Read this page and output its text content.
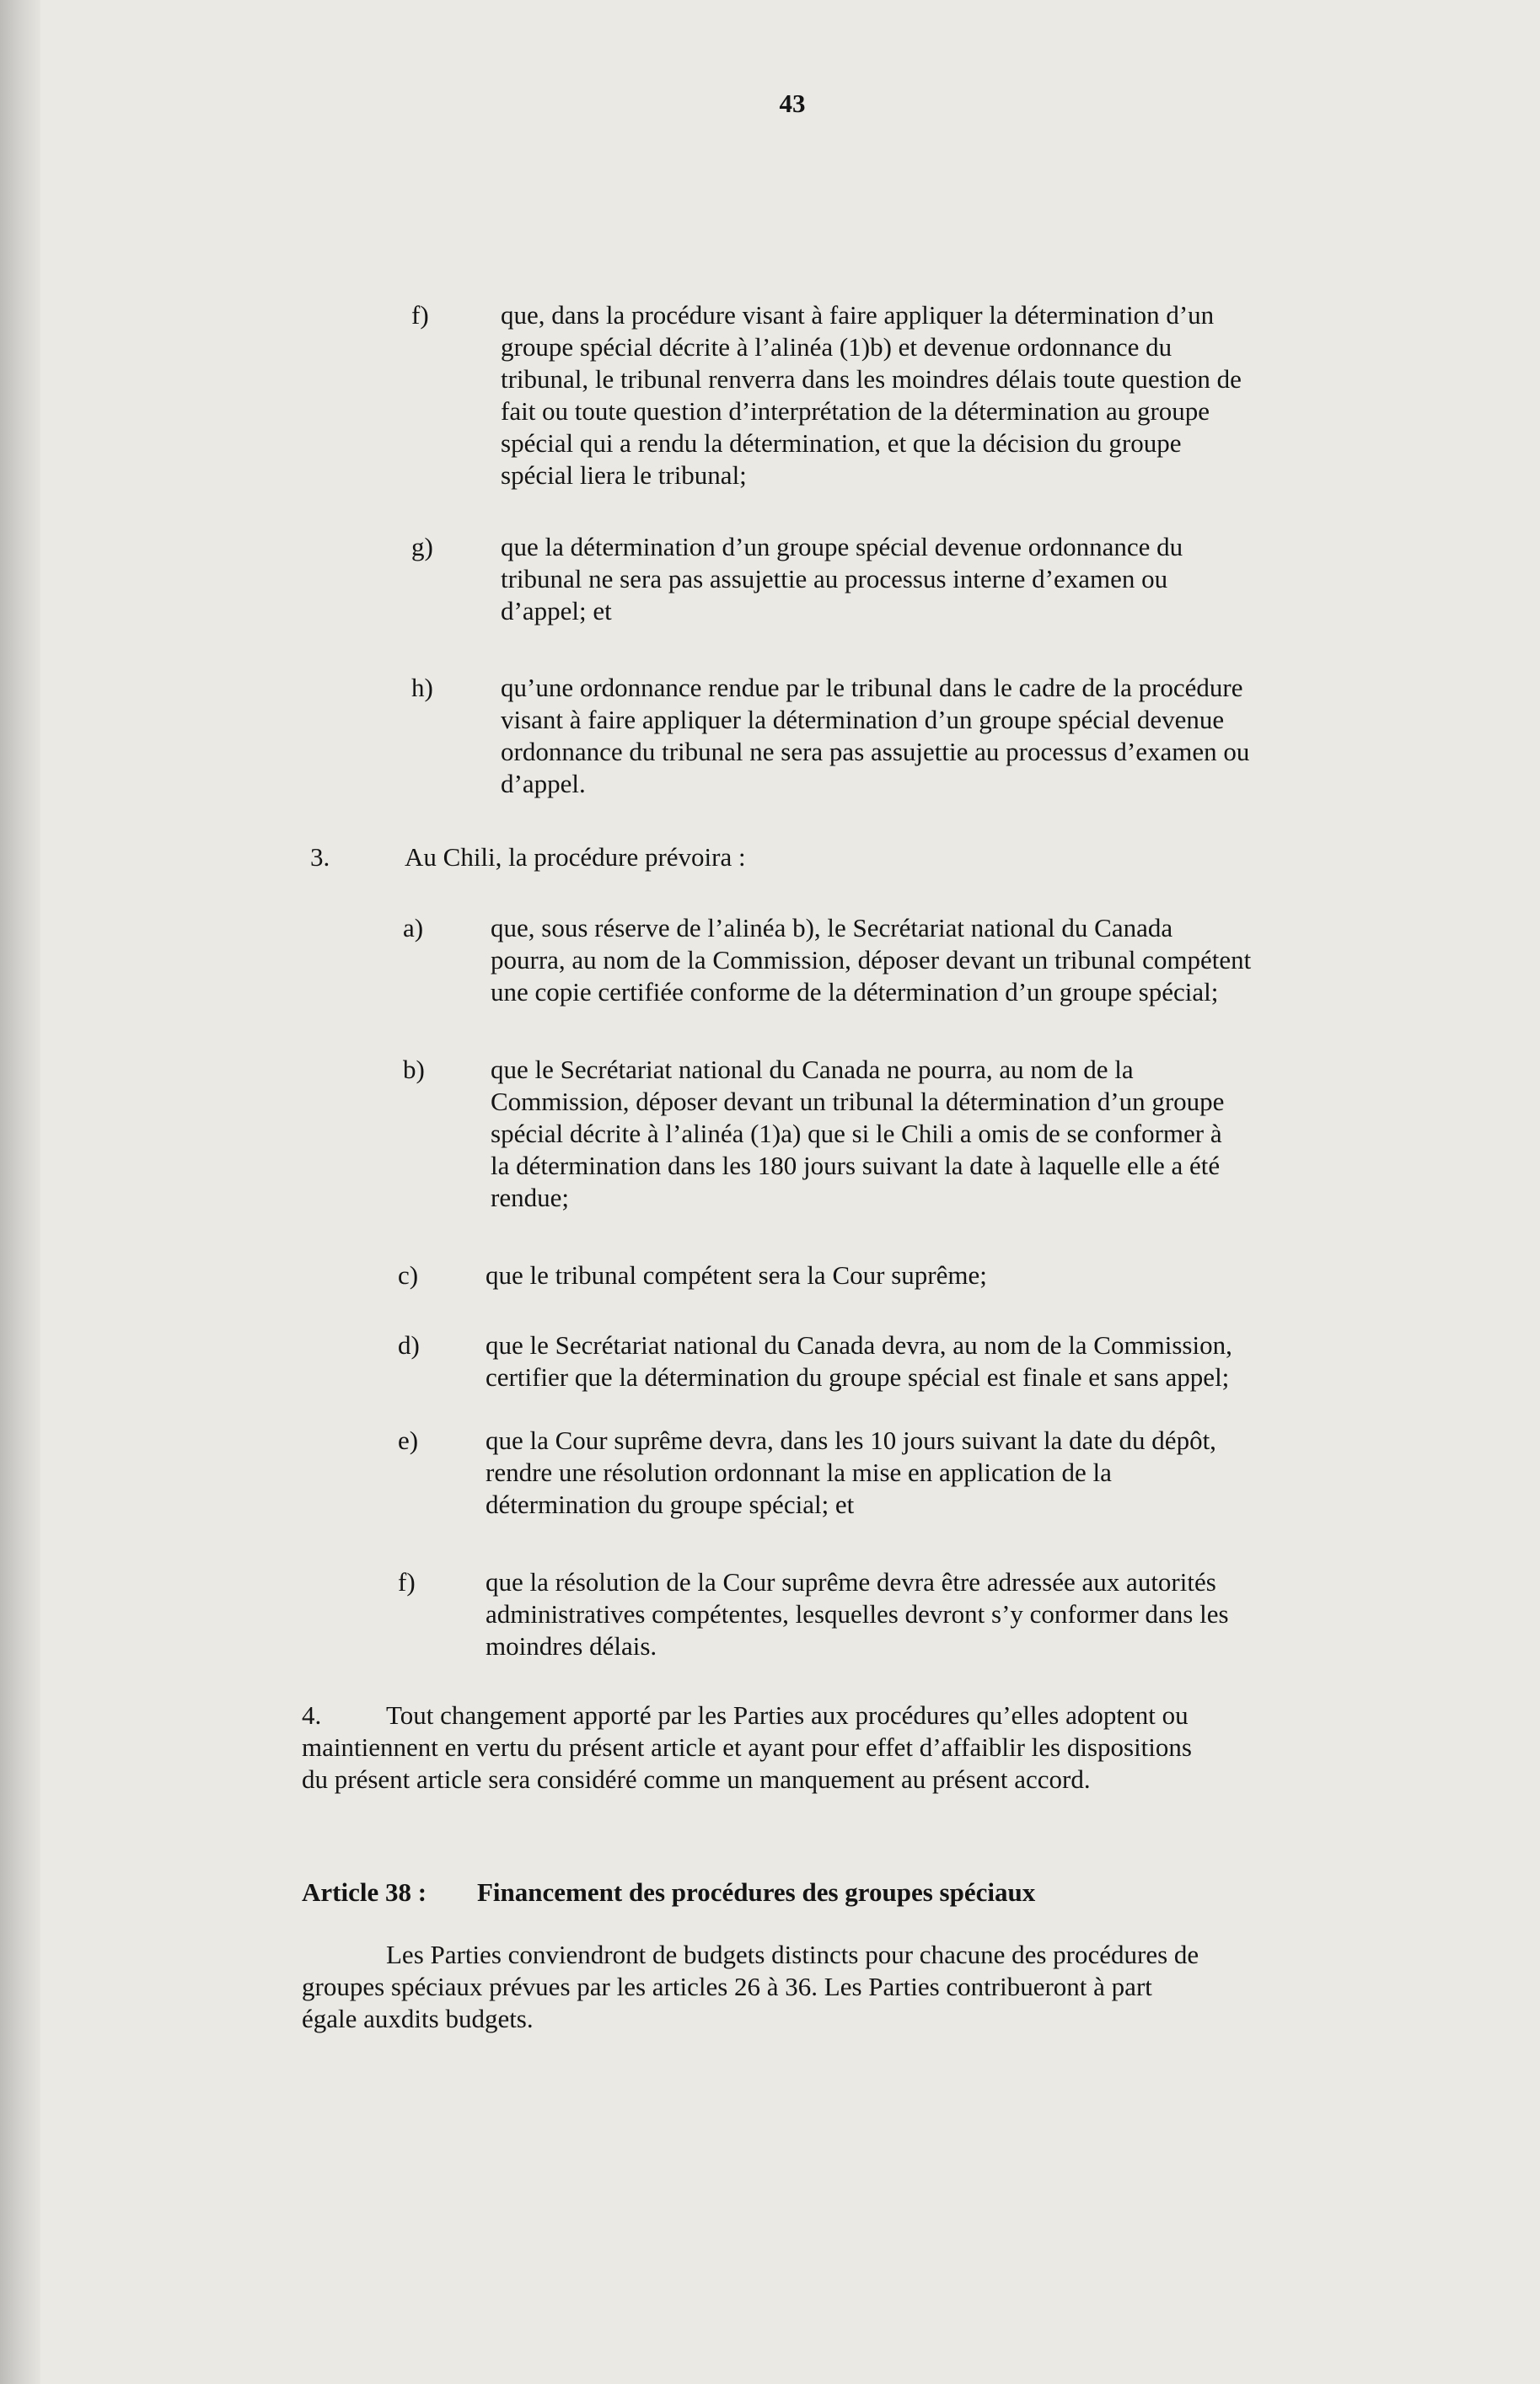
43
f)	que, dans la procédure visant à faire appliquer la détermination d’un
groupe spécial décrite à l’alinéa (1)b) et devenue ordonnance du
tribunal, le tribunal renverra dans les moindres délais toute question de
fait ou toute question d’interprétation de la détermination au groupe
spécial qui a rendu la détermination, et que la décision du groupe
spécial liera le tribunal;
g)	que la détermination d’un groupe spécial devenue ordonnance du
tribunal ne sera pas assujettie au processus interne d’examen ou
d’appel; et
h)	qu’une ordonnance rendue par le tribunal dans le cadre de la procédure
visant à faire appliquer la détermination d’un groupe spécial devenue
ordonnance du tribunal ne sera pas assujettie au processus d’examen ou
d’appel.
3.	Au Chili, la procédure prévoira :
a)	que, sous réserve de l’alinéa b), le Secrétariat national du Canada
pourra, au nom de la Commission, déposer devant un tribunal compétent
une copie certifiée conforme de la détermination d’un groupe spécial;
b)	que le Secrétariat national du Canada ne pourra, au nom de la
Commission, déposer devant un tribunal la détermination d’un groupe
spécial décrite à l’alinéa (1)a) que si le Chili a omis de se conformer à
la détermination dans les 180 jours suivant la date à laquelle elle a été
rendue;
c)	que le tribunal compétent sera la Cour suprême;
d)	que le Secrétariat national du Canada devra, au nom de la Commission,
certifier que la détermination du groupe spécial est finale et sans appel;
e)	que la Cour suprême devra, dans les 10 jours suivant la date du dépôt,
rendre une résolution ordonnant la mise en application de la
détermination du groupe spécial; et
f)	que la résolution de la Cour suprême devra être adressée aux autorités
administratives compétentes, lesquelles devront s’y conformer dans les
moindres délais.
4.	Tout changement apporté par les Parties aux procédures qu’elles adoptent ou
maintiennent en vertu du présent article et ayant pour effet d’affaiblir les dispositions
du présent article sera considéré comme un manquement au présent accord.
Article 38 : Financement des procédures des groupes spéciaux
Les Parties conviendront de budgets distincts pour chacune des procédures de
groupes spéciaux prévues par les articles 26 à 36. Les Parties contribueront à part
égale auxdits budgets.
